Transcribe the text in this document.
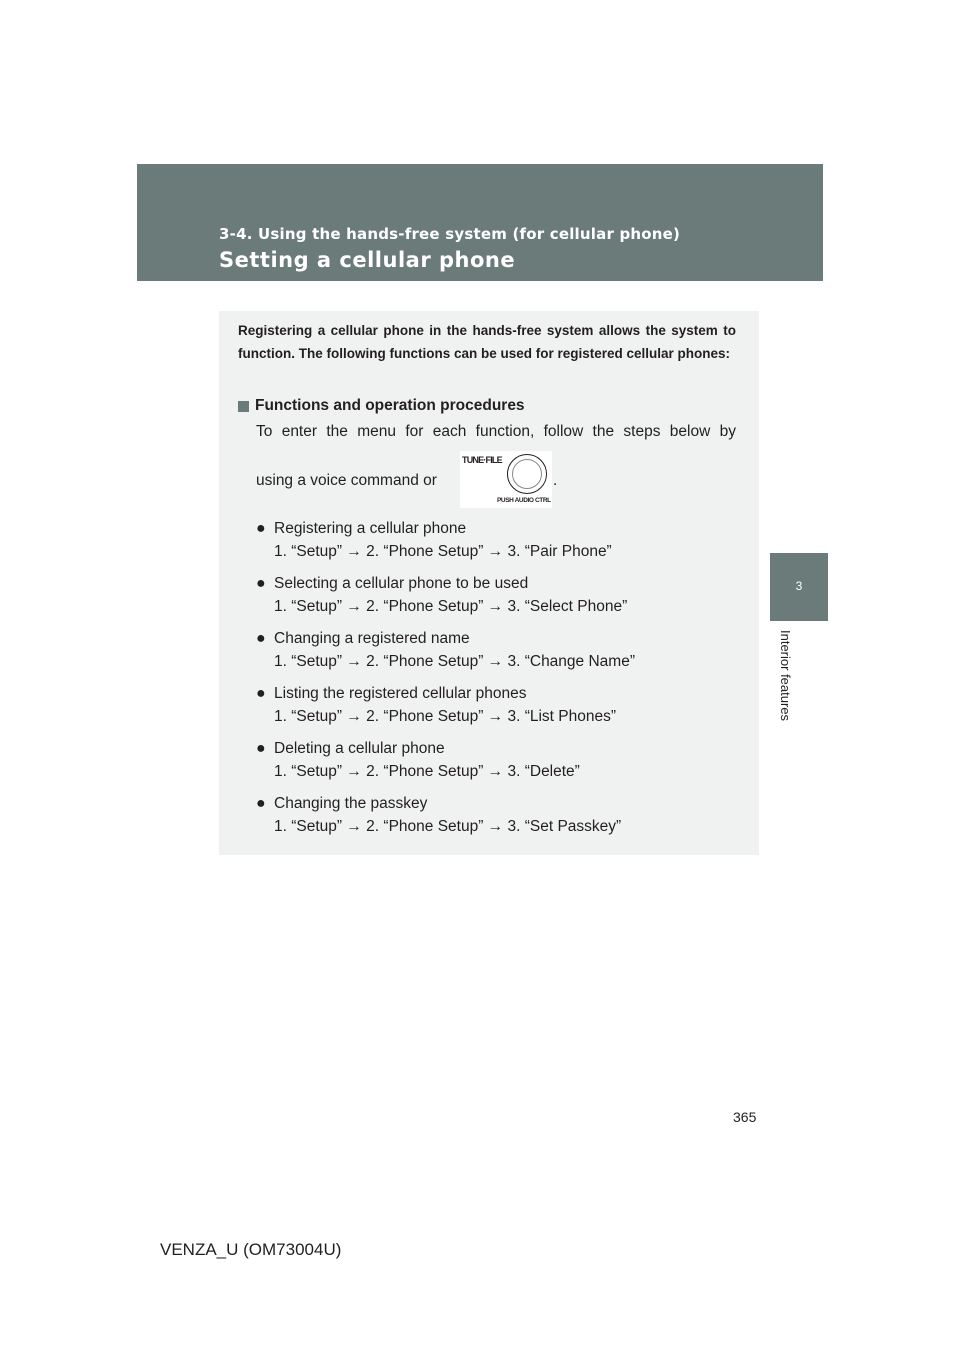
3-4. Using the hands-free system (for cellular phone)
Setting a cellular phone
3
Interior features
Registering a cellular phone in the hands-free system allows the system to function. The following functions can be used for registered cellular phones:
Functions and operation procedures
To enter the menu for each function, follow the steps below by
using a voice command or
TUNE·FILE
PUSH AUDIO CTRL
.
● Registering a cellular phone
1. “Setup” → 2. “Phone Setup” → 3. “Pair Phone”
● Selecting a cellular phone to be used
1. “Setup” → 2. “Phone Setup” → 3. “Select Phone”
● Changing a registered name
1. “Setup” → 2. “Phone Setup” → 3. “Change Name”
● Listing the registered cellular phones
1. “Setup” → 2. “Phone Setup” → 3. “List Phones”
● Deleting a cellular phone
1. “Setup” → 2. “Phone Setup” → 3. “Delete”
● Changing the passkey
1. “Setup” → 2. “Phone Setup” → 3. “Set Passkey”
365
VENZA_U (OM73004U)
